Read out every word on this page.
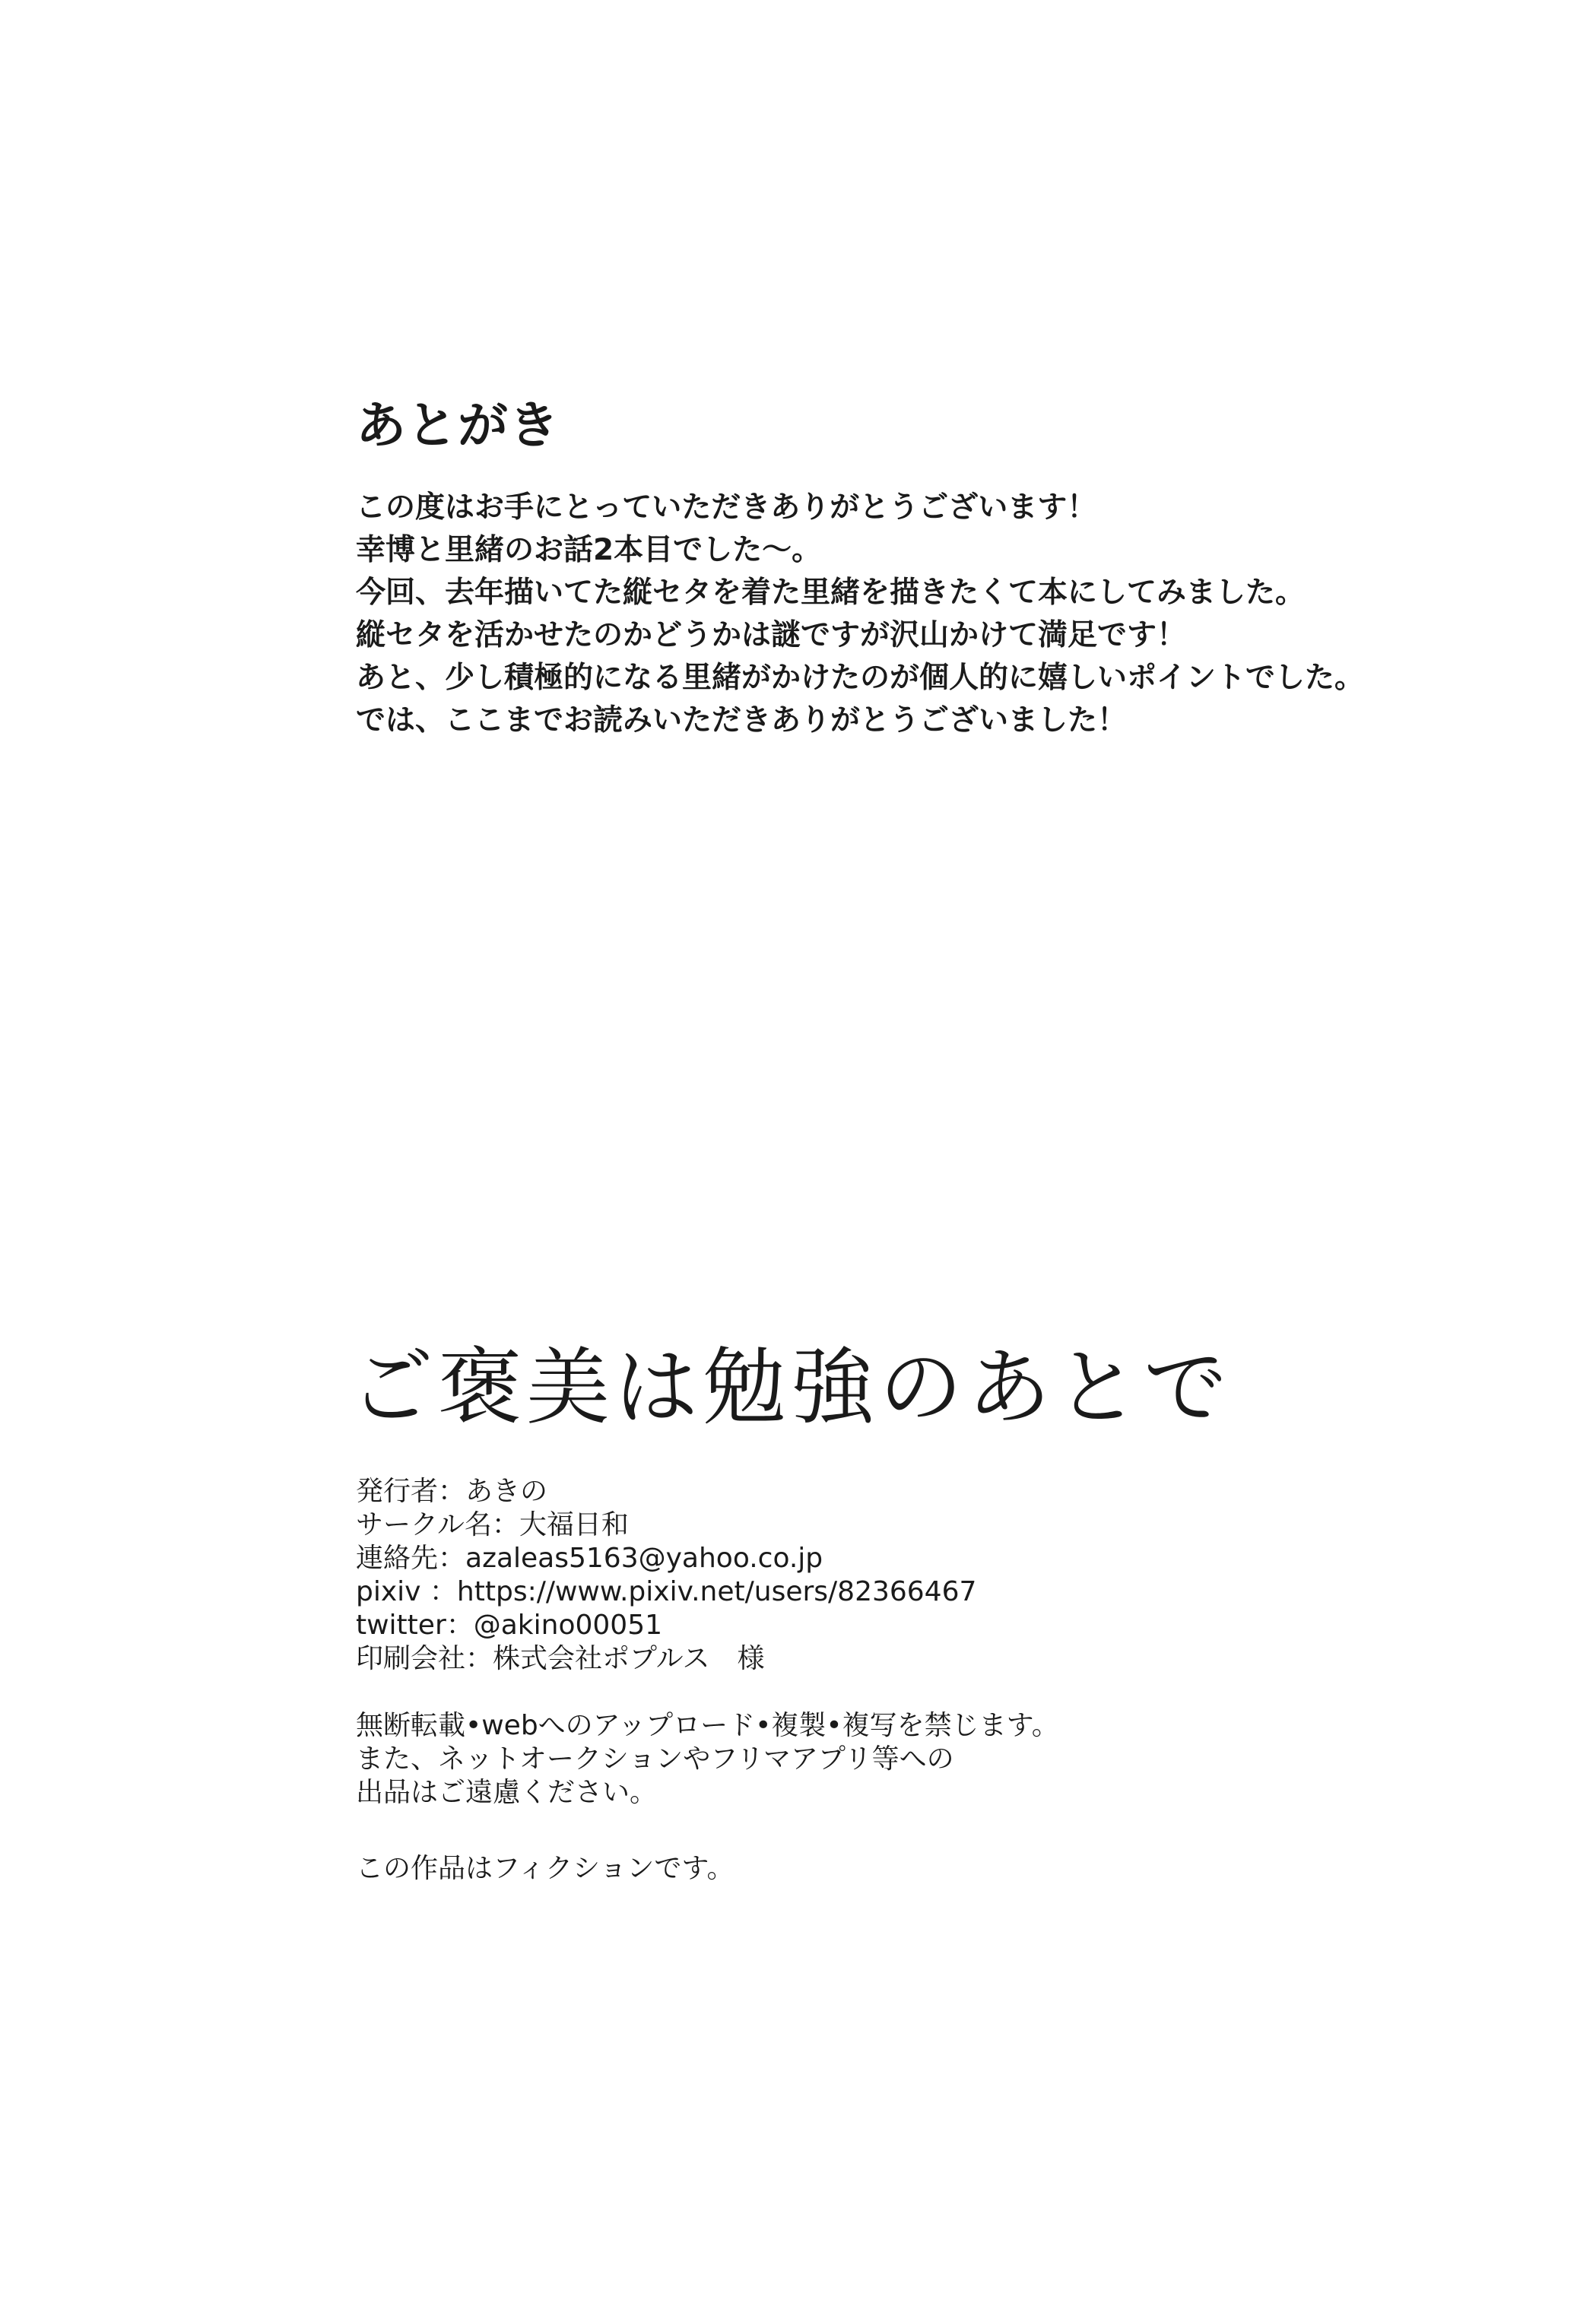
あとがき

この度はお手にとっていただきありがとうございます！

幸博と里緒のお話2本目でした〜。

今回、去年描いてた縦セタを着た里緒を描きたくて本にしてみました。

縦セタを活かせたのかどうかは謎ですが沢山かけて満足です！

あと、少し積極的になる里緒がかけたのが個人的に嬉しいポイントでした。

では、ここまでお読みいただきありがとうございました！

ご褒美は勉強のあとで
発行者：あきの
サークル名：大福日和
連絡先：azaleas5163@yahoo.co.jp
pixiv ：https://www.pixiv.net/users/82366467
twitter：@akino00051
印刷会社：株式会社ポプルス　様

無断転載•webへのアップロード•複製•複写を禁じます。

また、ネットオークションやフリマアプリ等への

出品はご遠慮ください。

この作品はフィクションです。
